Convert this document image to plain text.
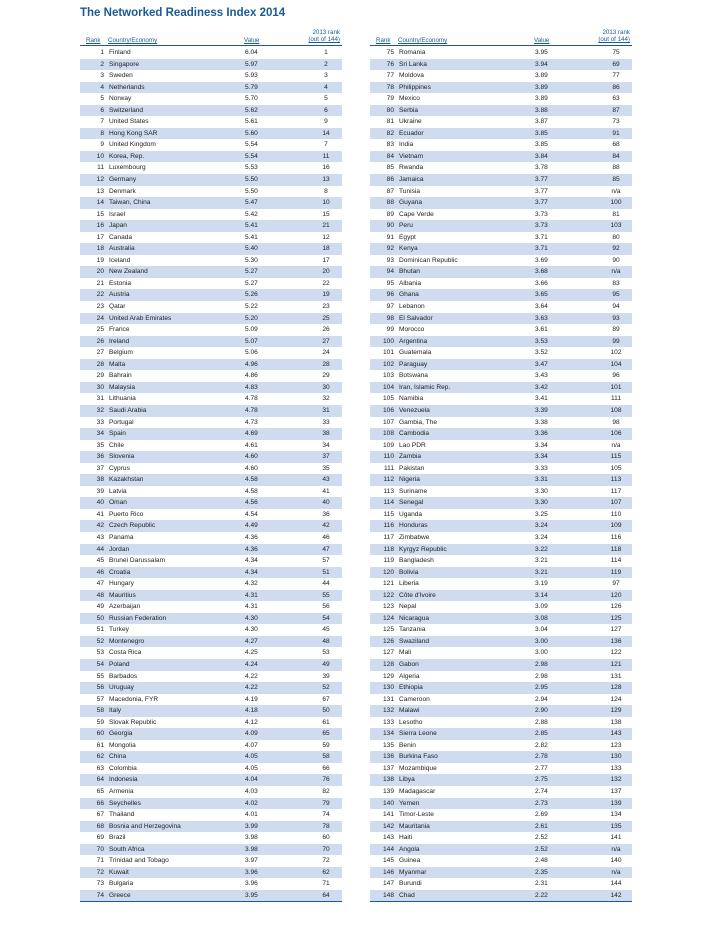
The Networked Readiness Index 2014
Rank Country/Economy	Value
2013 rank
(out of 144)
1 Finland	6.04	1
2 Singapore	5.97	2
3 Sweden	5.93	3
4 Netherlands	5.79	4
5 Norway	5.70	5
6 Switzerland	5.62	6
7 United States	5.61	9
8 Hong Kong SAR	5.60	14
9 United Kingdom	5.54	7
10 Korea, Rep.	5.54	11
11 Luxembourg	5.53	16
12 Germany	5.50	13
13 Denmark	5.50	8
14 Taiwan, China	5.47	10
15 Israel	5.42	15
16 Japan	5.41	21
17 Canada	5.41	12
18 Australia	5.40	18
19 Iceland	5.30	17
20 New Zealand	5.27	20
21 Estonia	5.27	22
22 Austria	5.26	19
23 Qatar	5.22	23
24 United Arab Emirates	5.20	25
25 France	5.09	26
26 Ireland	5.07	27
27 Belgium	5.06	24
28 Malta	4.96	28
29 Bahrain	4.86	29
30 Malaysia	4.83	30
31 Lithuania	4.78	32
32 Saudi Arabia	4.78	31
33 Portugal	4.73	33
34 Spain	4.69	38
35 Chile	4.61	34
36 Slovenia	4.60	37
37 Cyprus	4.60	35
38 Kazakhstan	4.58	43
39 Latvia	4.58	41
40 Oman	4.56	40
41 Puerto Rico	4.54	36
42 Czech Republic	4.49	42
43 Panama	4.36	46
44 Jordan	4.36	47
45 Brunei Darussalam	4.34	57
46 Croatia	4.34	51
47 Hungary	4.32	44
48 Mauritius	4.31	55
49 Azerbaijan	4.31	56
50 Russian Federation	4.30	54
51 Turkey	4.30	45
52 Montenegro	4.27	48
53 Costa Rica	4.25	53
54 Poland	4.24	49
55 Barbados	4.22	39
56 Uruguay	4.22	52
57 Macedonia, FYR	4.19	67
58 Italy	4.18	50
59 Slovak Republic	4.12	61
60 Georgia	4.09	65
61 Mongolia	4.07	59
62 China	4.05	58
63 Colombia	4.05	66
64 Indonesia	4.04	76
65 Armenia	4.03	82
66 Seychelles	4.02	79
67 Thailand	4.01	74
68 Bosnia and Herzegovina	3.99	78
69 Brazil	3.98	60
70 South Africa	3.98	70
71 Trinidad and Tobago	3.97	72
72 Kuwait	3.96	62
73 Bulgaria	3.96	71
74 Greece	3.95	64
Rank Country/Economy	Value
2013 rank
(out of 144)
75 Romania	3.95	75
76 Sri Lanka	3.94	69
77 Moldova	3.89	77
78 Philippines	3.89	86
79 Mexico	3.89	63
80 Serbia	3.88	87
81 Ukraine	3.87	73
82 Ecuador	3.85	91
83 India	3.85	68
84 Vietnam	3.84	84
85 Rwanda	3.78	88
86 Jamaica	3.77	85
87 Tunisia	3.77	n/a
88 Guyana	3.77	100
89 Cape Verde	3.73	81
90 Peru	3.73	103
91 Egypt	3.71	80
92 Kenya	3.71	92
93 Dominican Republic	3.69	90
94 Bhutan	3.68	n/a
95 Albania	3.66	83
96 Ghana	3.65	95
97 Lebanon	3.64	94
98 El Salvador	3.63	93
99 Morocco	3.61	89
100 Argentina	3.53	99
101 Guatemala	3.52	102
102 Paraguay	3.47	104
103 Botswana	3.43	96
104 Iran, Islamic Rep.	3.42	101
105 Namibia	3.41	111
106 Venezuela	3.39	108
107 Gambia, The	3.38	98
108 Cambodia	3.36	106
109 Lao PDR	3.34	n/a
110 Zambia	3.34	115
111 Pakistan	3.33	105
112 Nigeria	3.31	113
113 Suriname	3.30	117
114 Senegal	3.30	107
115 Uganda	3.25	110
116 Honduras	3.24	109
117 Zimbabwe	3.24	116
118 Kyrgyz Republic	3.22	118
119 Bangladesh	3.21	114
120 Bolivia	3.21	119
121 Liberia	3.19	97
122 Côte d'Ivoire	3.14	120
123 Nepal	3.09	126
124 Nicaragua	3.08	125
125 Tanzania	3.04	127
126 Swaziland	3.00	136
127 Mali	3.00	122
128 Gabon	2.98	121
129 Algeria	2.98	131
130 Ethiopia	2.95	128
131 Cameroon	2.94	124
132 Malawi	2.90	129
133 Lesotho	2.88	138
134 Sierra Leone	2.85	143
135 Benin	2.82	123
136 Burkina Faso	2.78	130
137 Mozambique	2.77	133
138 Libya	2.75	132
139 Madagascar	2.74	137
140 Yemen	2.73	139
141 Timor-Leste	2.69	134
142 Mauritania	2.61	135
143 Haiti	2.52	141
144 Angola	2.52	n/a
145 Guinea	2.48	140
146 Myanmar	2.35	n/a
147 Burundi	2.31	144
148 Chad	2.22	142
